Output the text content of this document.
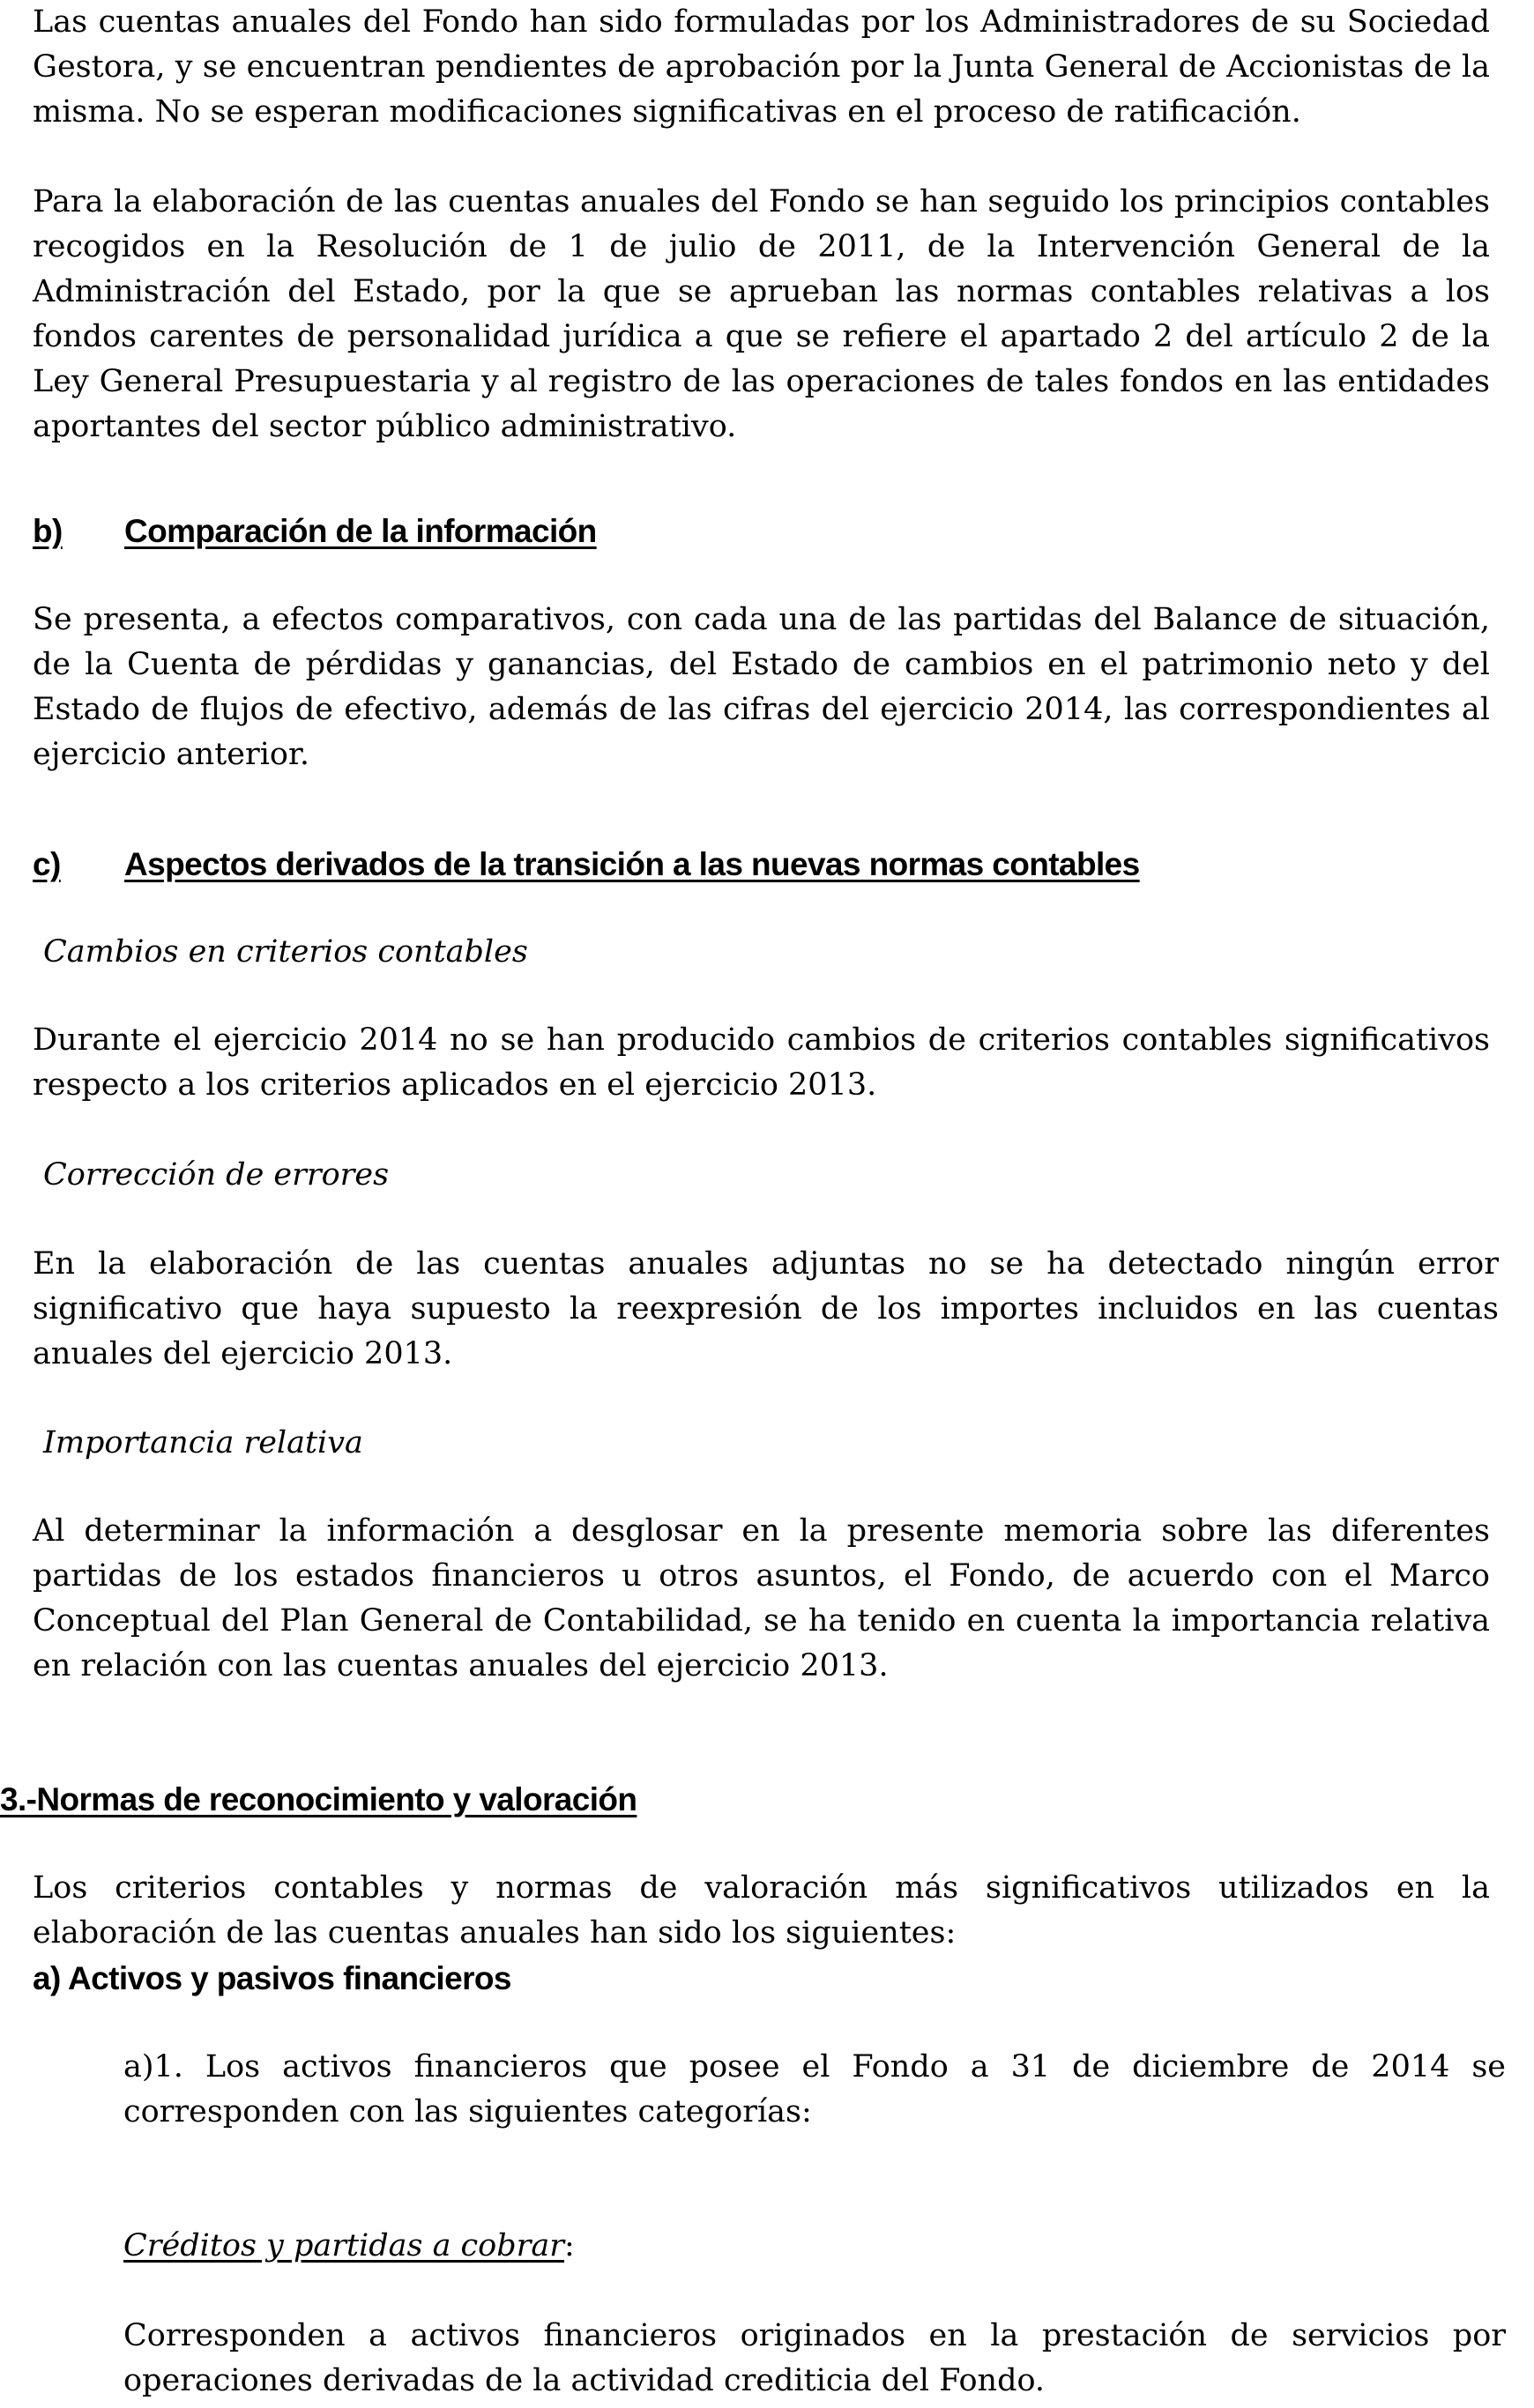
Las cuentas anuales del Fondo han sido formuladas por los Administradores de su Sociedad Gestora, y se encuentran pendientes de aprobación por la Junta General de Accionistas de la misma. No se esperan modificaciones significativas en el proceso de ratificación.

Para la elaboración de las cuentas anuales del Fondo se han seguido los principios contables recogidos en la Resolución de 1 de julio de 2011, de la Intervención General de la Administración del Estado, por la que se aprueban las normas contables relativas a los fondos carentes de personalidad jurídica a que se refiere el apartado 2 del artículo 2 de la Ley General Presupuestaria y al registro de las operaciones de tales fondos en las entidades aportantes del sector público administrativo.

b) Comparación de la información

Se presenta, a efectos comparativos, con cada una de las partidas del Balance de situación, de la Cuenta de pérdidas y ganancias, del Estado de cambios en el patrimonio neto y del Estado de flujos de efectivo, además de las cifras del ejercicio 2014, las correspondientes al ejercicio anterior.

c) Aspectos derivados de la transición a las nuevas normas contables

Cambios en criterios contables

Durante el ejercicio 2014 no se han producido cambios de criterios contables significativos respecto a los criterios aplicados en el ejercicio 2013.

Corrección de errores

En la elaboración de las cuentas anuales adjuntas no se ha detectado ningún error significativo que haya supuesto la reexpresión de los importes incluidos en las cuentas anuales del ejercicio 2013.

Importancia relativa

Al determinar la información a desglosar en la presente memoria sobre las diferentes partidas de los estados financieros u otros asuntos, el Fondo, de acuerdo con el Marco Conceptual del Plan General de Contabilidad, se ha tenido en cuenta la importancia relativa en relación con las cuentas anuales del ejercicio 2013.

3.-Normas de reconocimiento y valoración

Los criterios contables y normas de valoración más significativos utilizados en la elaboración de las cuentas anuales han sido los siguientes:

a) Activos y pasivos financieros

a)1. Los activos financieros que posee el Fondo a 31 de diciembre de 2014 se corresponden con las siguientes categorías:

Créditos y partidas a cobrar:

Corresponden a activos financieros originados en la prestación de servicios por operaciones derivadas de la actividad crediticia del Fondo.
